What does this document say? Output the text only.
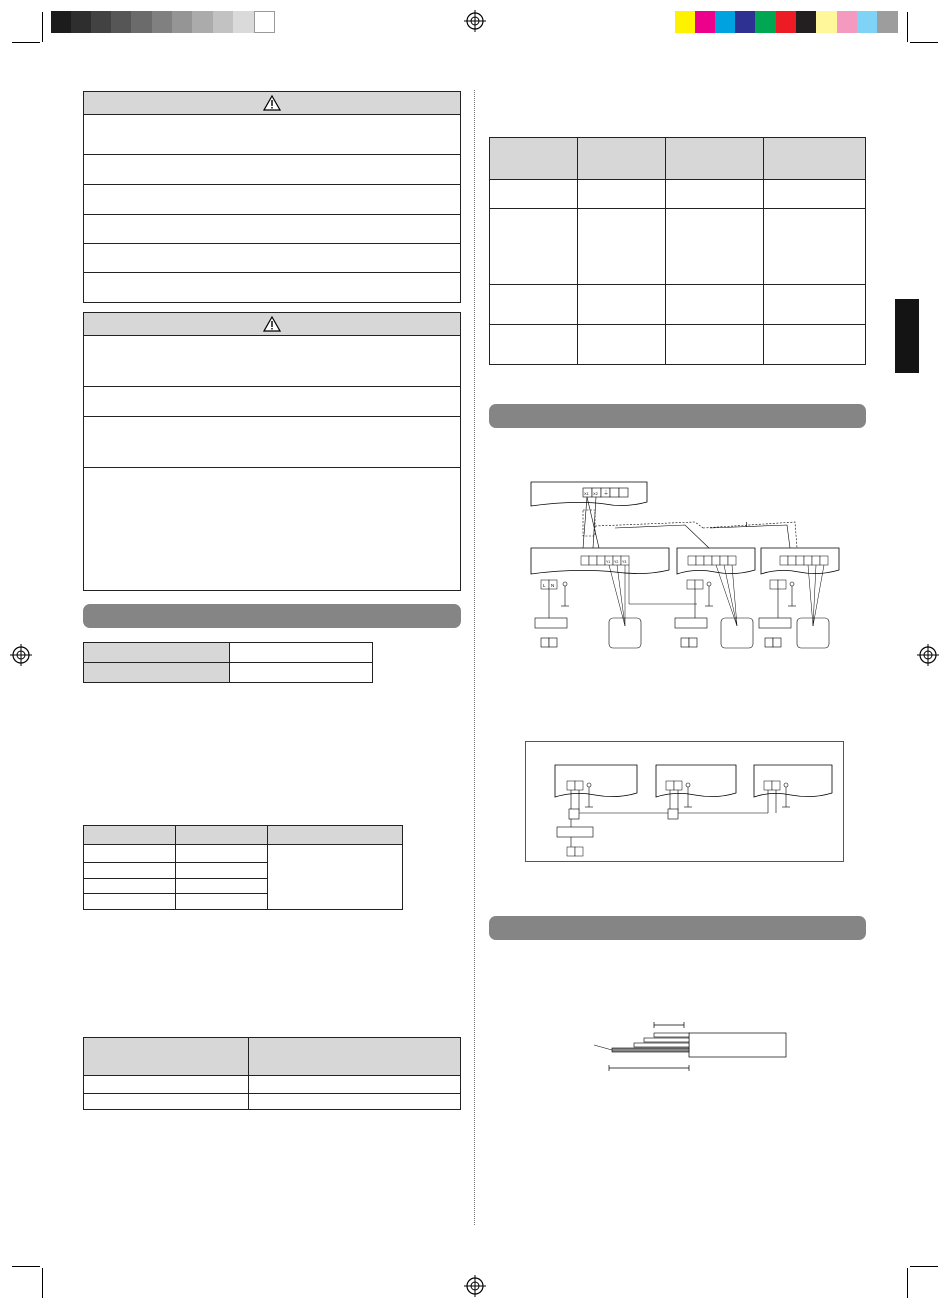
X1 X2 ⏚
≀
Y1 Y2 Y3
L N
